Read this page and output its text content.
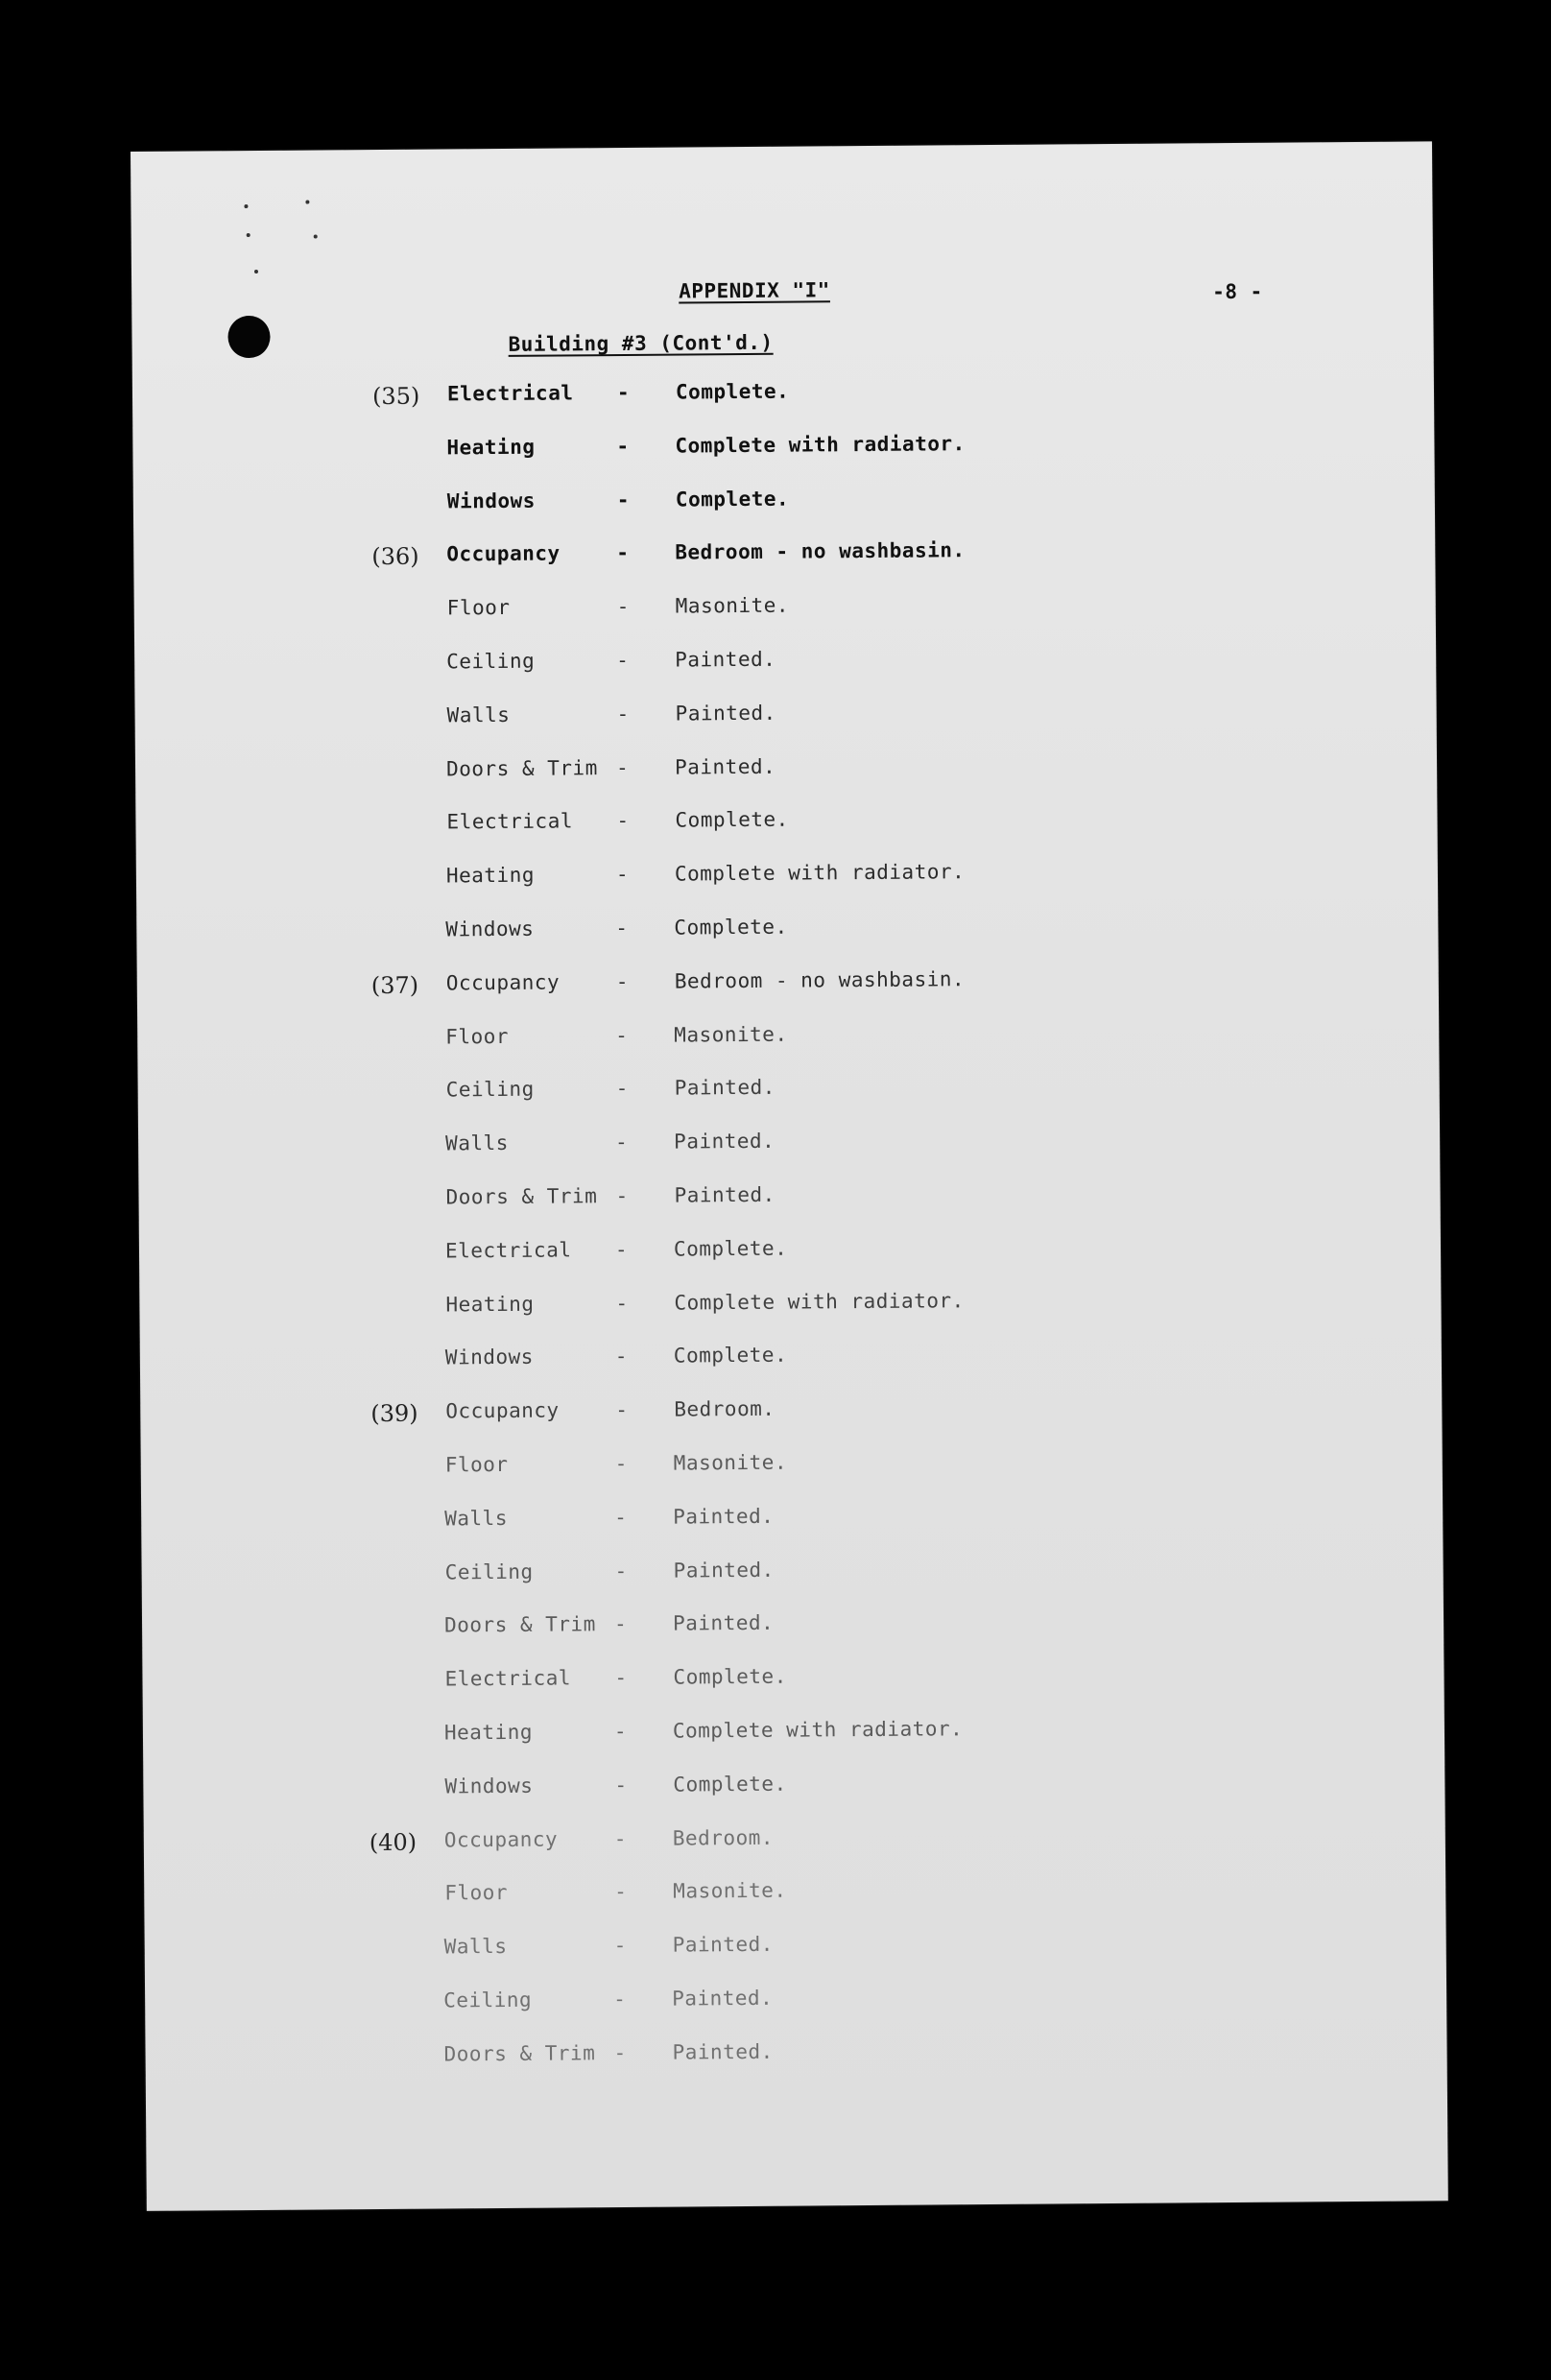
APPENDIX "I"	-8 -
Building #3 (Cont'd.)
(35) Electrical - Complete.
Heating	- Complete with radiator.
Windows	- Complete.
(36) Occupancy	- Bedroom - no washbasin.
Floor	- Masonite.
Ceiling	- Painted.
Walls	- Painted.
Doors & Trim - Painted.
Electrical - Complete.
Heating	- Complete with radiator.
Windows	- Complete.
(37) Occupancy	- Bedroom - no washbasin.
Floor	- Masonite.
Ceiling	- Painted.
Walls	- Painted.
Doors & Trim - Painted.
Electrical - Complete.
Heating	- Complete with radiator.
Windows	- Complete.
(39) Occupancy	- Bedroom.
Floor	- Masonite.
Walls	- Painted.
Ceiling	- Painted.
Doors & Trim - Painted.
Electrical - Complete.
Heating	- Complete with radiator.
Windows	- Complete.
(40) Occupancy	- Bedroom.
Floor	- Masonite.
Walls	- Painted.
Ceiling	- Painted.
Doors & Trim - Painted.
